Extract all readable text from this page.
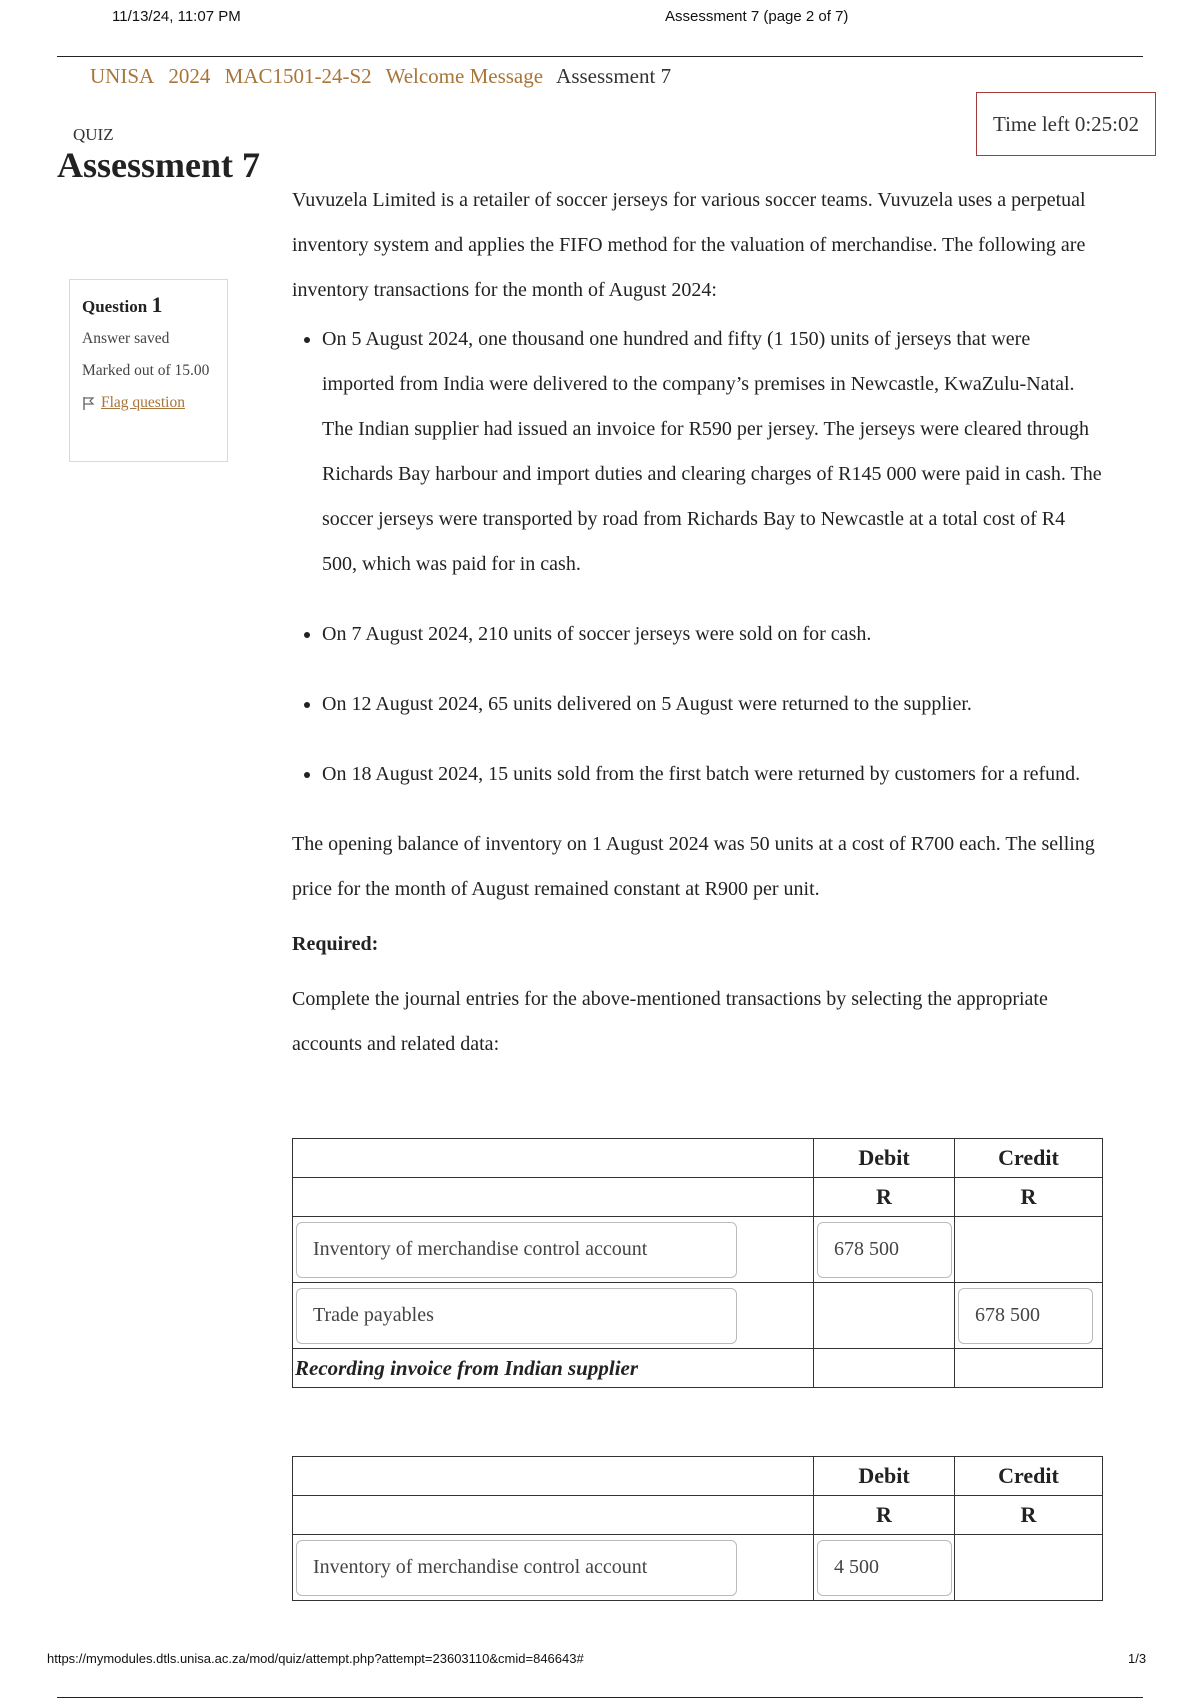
11/13/24, 11:07 PM	Assessment 7 (page 2 of 7)
UNISA 2024 MAC1501-24-S2 Welcome Message Assessment 7
QUIZ
Assessment 7
Time left 0:25:02
Question 1
Answer saved
Marked out of 15.00
Flag question

Vuvuzela Limited is a retailer of soccer jerseys for various soccer teams. Vuvuzela uses a perpetual inventory system and applies the FIFO method for the valuation of merchandise. The following are inventory transactions for the month of August 2024:

• On 5 August 2024, one thousand one hundred and fifty (1 150) units of jerseys that were imported from India were delivered to the company’s premises in Newcastle, KwaZulu-Natal. The Indian supplier had issued an invoice for R590 per jersey. The jerseys were cleared through Richards Bay harbour and import duties and clearing charges of R145 000 were paid in cash. The soccer jerseys were transported by road from Richards Bay to Newcastle at a total cost of R4 500, which was paid for in cash.
• On 7 August 2024, 210 units of soccer jerseys were sold on for cash.
• On 12 August 2024, 65 units delivered on 5 August were returned to the supplier.
• On 18 August 2024, 15 units sold from the first batch were returned by customers for a refund.

The opening balance of inventory on 1 August 2024 was 50 units at a cost of R700 each. The selling price for the month of August remained constant at R900 per unit.

Required:

Complete the journal entries for the above-mentioned transactions by selecting the appropriate accounts and related data:

	Debit	Credit
	R	R

Inventory of merchandise control account	678 500	

Trade payables		678 500

Recording invoice from Indian supplier		
	Debit	Credit
	R	R

Inventory of merchandise control account	4 500	

https://mymodules.dtls.unisa.ac.za/mod/quiz/attempt.php?attempt=23603110&cmid=846643#	1/3
